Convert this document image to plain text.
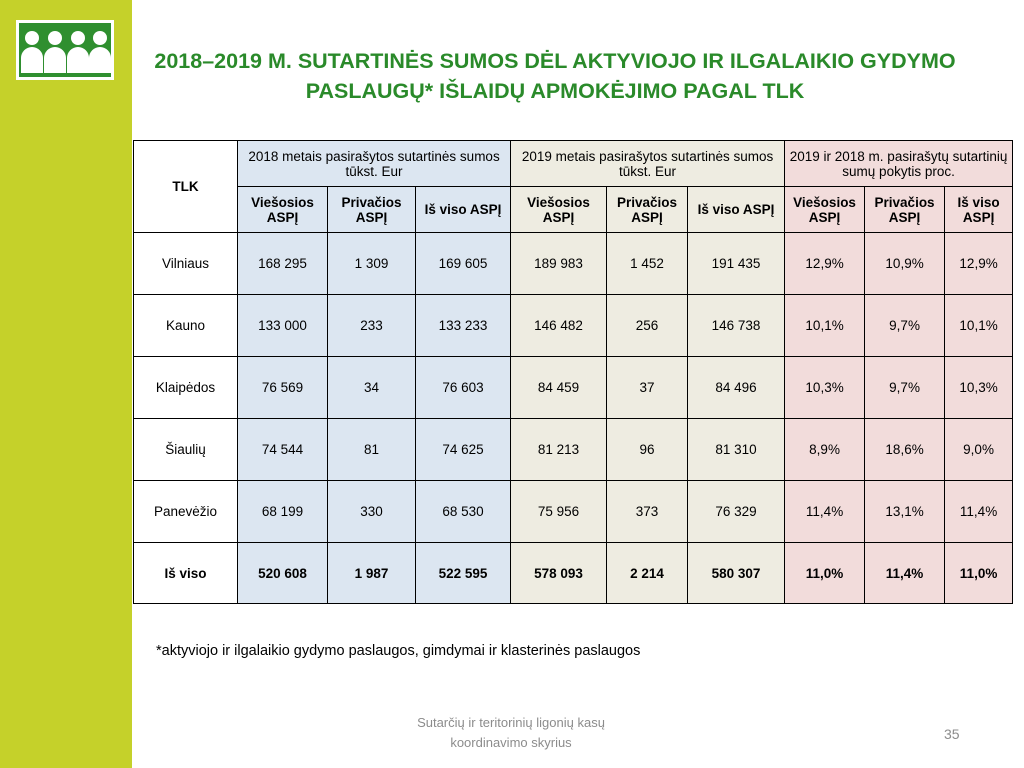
2018–2019 M. SUTARTINĖS SUMOS DĖL AKTYVIOJO IR ILGALAIKIO GYDYMO PASLAUGŲ* IŠLAIDŲ APMOKĖJIMO PAGAL TLK
TLK	2018 metais pasirašytos sutartinės sumos tūkst. Eur			2019 metais pasirašytos sutartinės sumos tūkst. Eur			2019 ir 2018 m. pasirašytų sutartinių sumų pokytis proc.		
	Viešosios ASPĮ	Privačios ASPĮ	Iš viso ASPĮ	Viešosios ASPĮ	Privačios ASPĮ	Iš viso ASPĮ	Viešosios ASPĮ	Privačios ASPĮ	Iš viso ASPĮ
Vilniaus	168 295	1 309	169 605	189 983	1 452	191 435	12,9%	10,9%	12,9%
Kauno	133 000	233	133 233	146 482	256	146 738	10,1%	9,7%	10,1%
Klaipėdos	76 569	34	76 603	84 459	37	84 496	10,3%	9,7%	10,3%
Šiaulių	74 544	81	74 625	81 213	96	81 310	8,9%	18,6%	9,0%
Panevėžio	68 199	330	68 530	75 956	373	76 329	11,4%	13,1%	11,4%
Iš viso	520 608	1 987	522 595	578 093	2 214	580 307	11,0%	11,4%	11,0%
*aktyviojo ir ilgalaikio gydymo paslaugos, gimdymai ir klasterinės paslaugos
Sutarčių ir teritorinių ligonių kasų koordinavimo skyrius
35
